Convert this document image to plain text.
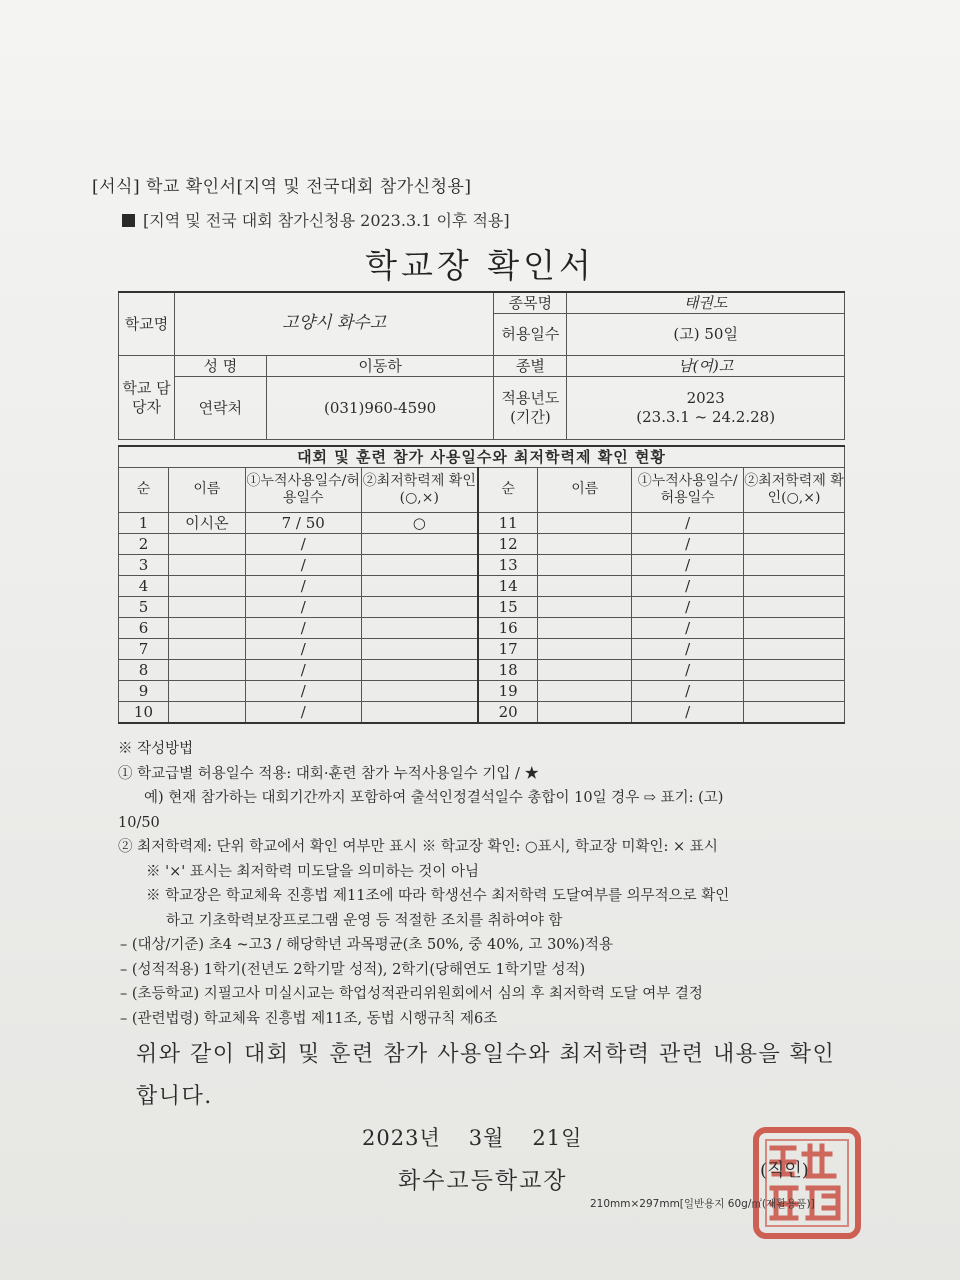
[서식] 학교 확인서[지역 및 전국대회 참가신청용]
[지역 및 전국 대회 참가신청용 2023.3.1 이후 적용]
학교장 확인서
학교명	고양시 화수고		종목명	태권도
			허용일수	(고) 50일
학교 담당자	성 명	이동하	종별	남(여)고
	연락처	(031)960-4590	적용년도 (기간)	2023
(23.3.1 ~ 24.2.28)
대회 및 훈련 참가 사용일수와 최저학력제 확인 현황							
순	이름	①누적사용일수/허용일수	②최저학력제 확인(○,×)	순	이름	①누적사용일수/허용일수	②최저학력제 확인(○,×)
1	이시온	7 / 50	○	11		/	
2		/		12		/	
3		/		13		/	
4		/		14		/	
5		/		15		/	
6		/		16		/	
7		/		17		/	
8		/		18		/	
9		/		19		/	
10		/		20		/	

※ 작성방법

① 학교급별 허용일수 적용: 대회·훈련 참가 누적사용일수 기입 / ★

예) 현재 참가하는 대회기간까지 포함하여 출석인정결석일수 총합이 10일 경우 ⇨ 표기: (고)

10/50

② 최저학력제: 단위 학교에서 확인 여부만 표시 ※ 학교장 확인: ○표시, 학교장 미확인: × 표시

※ '×' 표시는 최저학력 미도달을 의미하는 것이 아님

※ 학교장은 학교체육 진흥법 제11조에 따라 학생선수 최저학력 도달여부를 의무적으로 확인

하고 기초학력보장프로그램 운영 등 적절한 조치를 취하여야 함

– (대상/기준) 초4 ~고3 / 해당학년 과목평균(초 50%, 중 40%, 고 30%)적용

– (성적적용) 1학기(전년도 2학기말 성적), 2학기(당해연도 1학기말 성적)

– (초등학교) 지필고사 미실시교는 학업성적관리위원회에서 심의 후 최저학력 도달 여부 결정

– (관련법령) 학교체육 진흥법 제11조, 동법 시행규칙 제6조

위와 같이 대회 및 훈련 참가 사용일수와 최저학력 관련 내용을 확인합니다.
2023년 3월 21일
화수고등학교장	(직인)
210mm×297mm[일반용지 60g/㎡(재활용품)]
